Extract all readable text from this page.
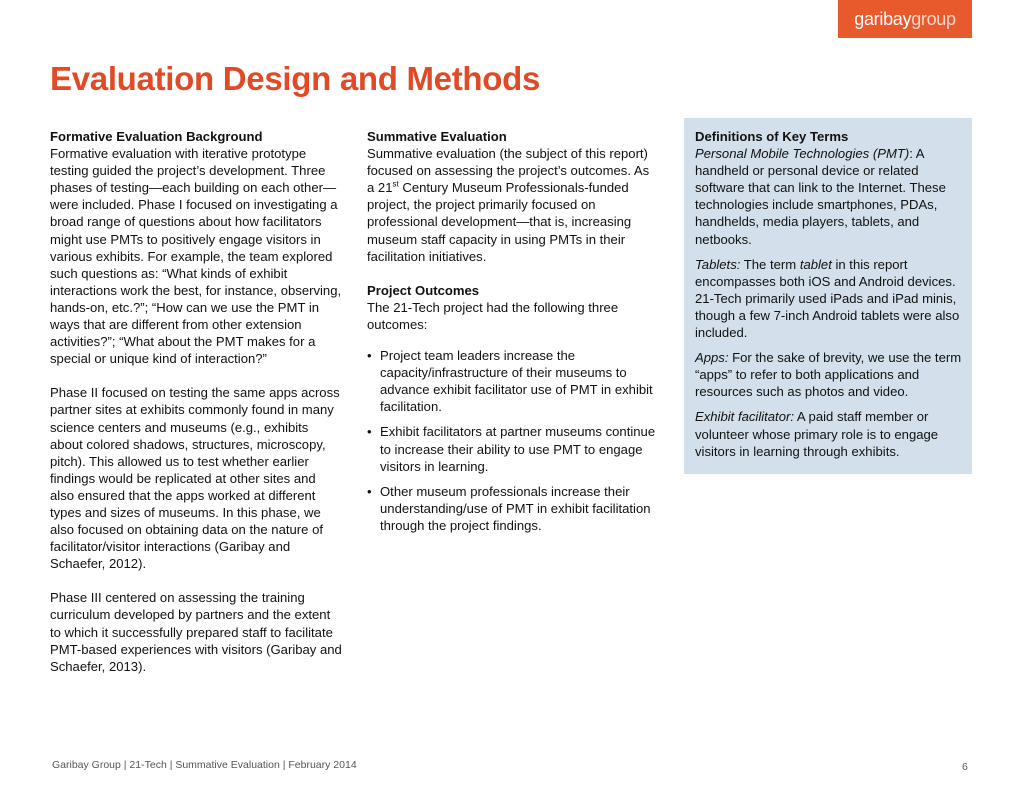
garibay group
Evaluation Design and Methods
Formative Evaluation Background

Formative evaluation with iterative prototype testing guided the project’s development. Three phases of testing—each building on each other—were included. Phase I focused on investigating a broad range of questions about how facilitators might use PMTs to positively engage visitors in various exhibits. For example, the team explored such questions as: “What kinds of exhibit interactions work the best, for instance, observing, hands-on, etc.?”; “How can we use the PMT in ways that are different from other extension activities?”; “What about the PMT makes for a special or unique kind of interaction?”

Phase II focused on testing the same apps across partner sites at exhibits commonly found in many science centers and museums (e.g., exhibits about colored shadows, structures, microscopy, pitch). This allowed us to test whether earlier findings would be replicated at other sites and also ensured that the apps worked at different types and sizes of museums. In this phase, we also focused on obtaining data on the nature of facilitator/visitor interactions (Garibay and Schaefer, 2012).

Phase III centered on assessing the training curriculum developed by partners and the extent to which it successfully prepared staff to facilitate PMT-based experiences with visitors (Garibay and Schaefer, 2013).

Summative Evaluation

Summative evaluation (the subject of this report) focused on assessing the project’s outcomes. As a 21st Century Museum Professionals-funded project, the project primarily focused on professional development—that is, increasing museum staff capacity in using PMTs in their facilitation initiatives.

Project Outcomes

The 21-Tech project had the following three outcomes:

• Project team leaders increase the capacity/infrastructure of their museums to advance exhibit facilitator use of PMT in exhibit facilitation.
• Exhibit facilitators at partner museums continue to increase their ability to use PMT to engage visitors in learning.
• Other museum professionals increase their understanding/use of PMT in exhibit facilitation through the project findings.
Definitions of Key Terms

Personal Mobile Technologies (PMT): A handheld or personal device or related software that can link to the Internet. These technologies include smartphones, PDAs, handhelds, media players, tablets, and netbooks.

Tablets: The term tablet in this report encompasses both iOS and Android devices. 21-Tech primarily used iPads and iPad minis, though a few 7-inch Android tablets were also included.

Apps: For the sake of brevity, we use the term “apps” to refer to both applications and resources such as photos and video.

Exhibit facilitator: A paid staff member or volunteer whose primary role is to engage visitors in learning through exhibits.

Garibay Group | 21-Tech | Summative Evaluation | February 2014	6
